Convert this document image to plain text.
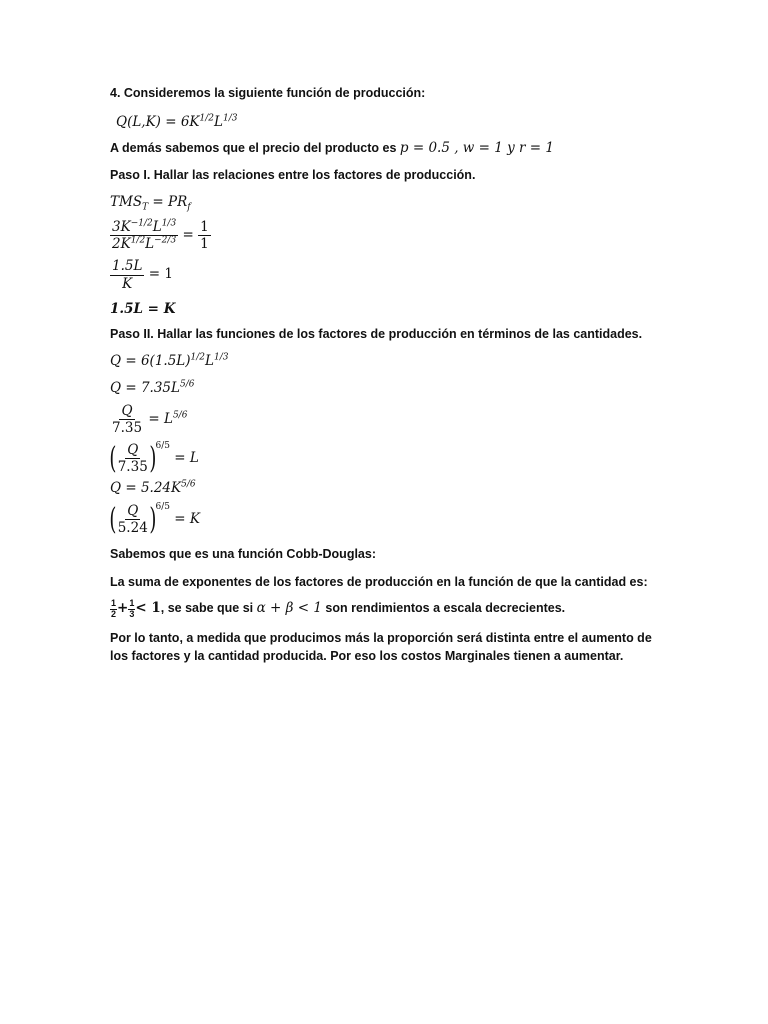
4. Consideremos la siguiente función de producción:

$Q(L,K) = 6K^{1/2}L^{1/3}$

A demás sabemos que el precio del producto es p = 0.5 , w = 1 y r = 1

Paso I. Hallar las relaciones entre los factores de producción.

$TMS_T = PR_f$

$\frac{3K^{-1/2}L^{1/3}}{2K^{1/2}L^{-2/3}} = \frac{1}{1}$

$\frac{1.5L}{K} = 1$

1.5L = K

Paso II. Hallar las funciones de los factores de producción en términos de las cantidades.

$Q = 6(1.5L)^{1/2}L^{1/3}$

$Q = 7.35L^{5/6}$

$\frac{Q}{7.35} = L^{5/6}$

( $\frac{Q}{7.35} )^{6/5} = L$

$Q = 5.24K^{5/6}$

( $\frac{Q}{5.24} )^{6/5} = K$

Sabemos que es una función Cobb-Douglas:

La suma de exponentes de los factores de producción en la función de que la cantidad es:

$\frac{1}{2} + \frac{1}{3} < 1$, se sabe que si α + β < 1 son rendimientos a escala decrecientes.

Por lo tanto, a medida que producimos más la proporción será distinta entre el aumento de los factores y la cantidad producida. Por eso los costos Marginales tienen a aumentar.
